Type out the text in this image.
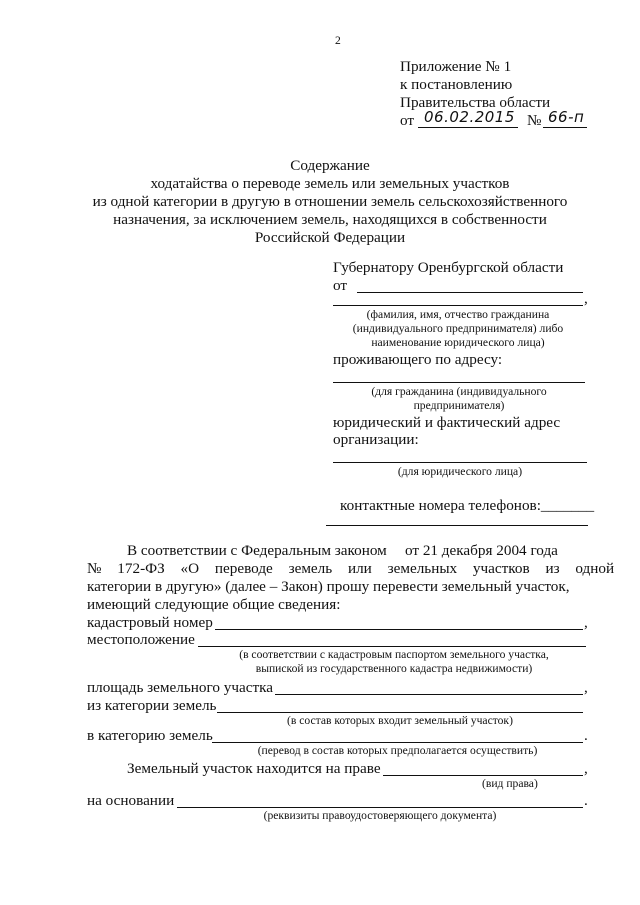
2
Приложение № 1
к постановлению
Правительства области
от 06.02.2015 № 66-п
Содержание
ходатайства о переводе земель или земельных участков
из одной категории в другую в отношении земель сельскохозяйственного
назначения, за исключением земель, находящихся в собственности
Российской Федерации
Губернатору Оренбургской области
от
,
(фамилия, имя, отчество гражданина
(индивидуального предпринимателя) либо
наименование юридического лица)
проживающего по адресу:
(для гражданина (индивидуального
предпринимателя)
юридический и фактический адрес
организации:
(для юридического лица)
контактные номера телефонов:_______
В соответствии с Федеральным законом от 21 декабря 2004 года
№ 172-ФЗ «О переводе земель или земельных участков из одной
категории в другую» (далее – Закон) прошу перевести земельный участок,
имеющий следующие общие сведения:
кадастровый номер	,
местоположение
(в соответствии с кадастровым паспортом земельного участка,
выпиской из государственного кадастра недвижимости)
площадь земельного участка	,
из категории земель
(в состав которых входит земельный участок)
в категорию земель	.
(перевод в состав которых предполагается осуществить)
Земельный участок находится на праве	,
(вид права)
на основании	.
(реквизиты правоудостоверяющего документа)
